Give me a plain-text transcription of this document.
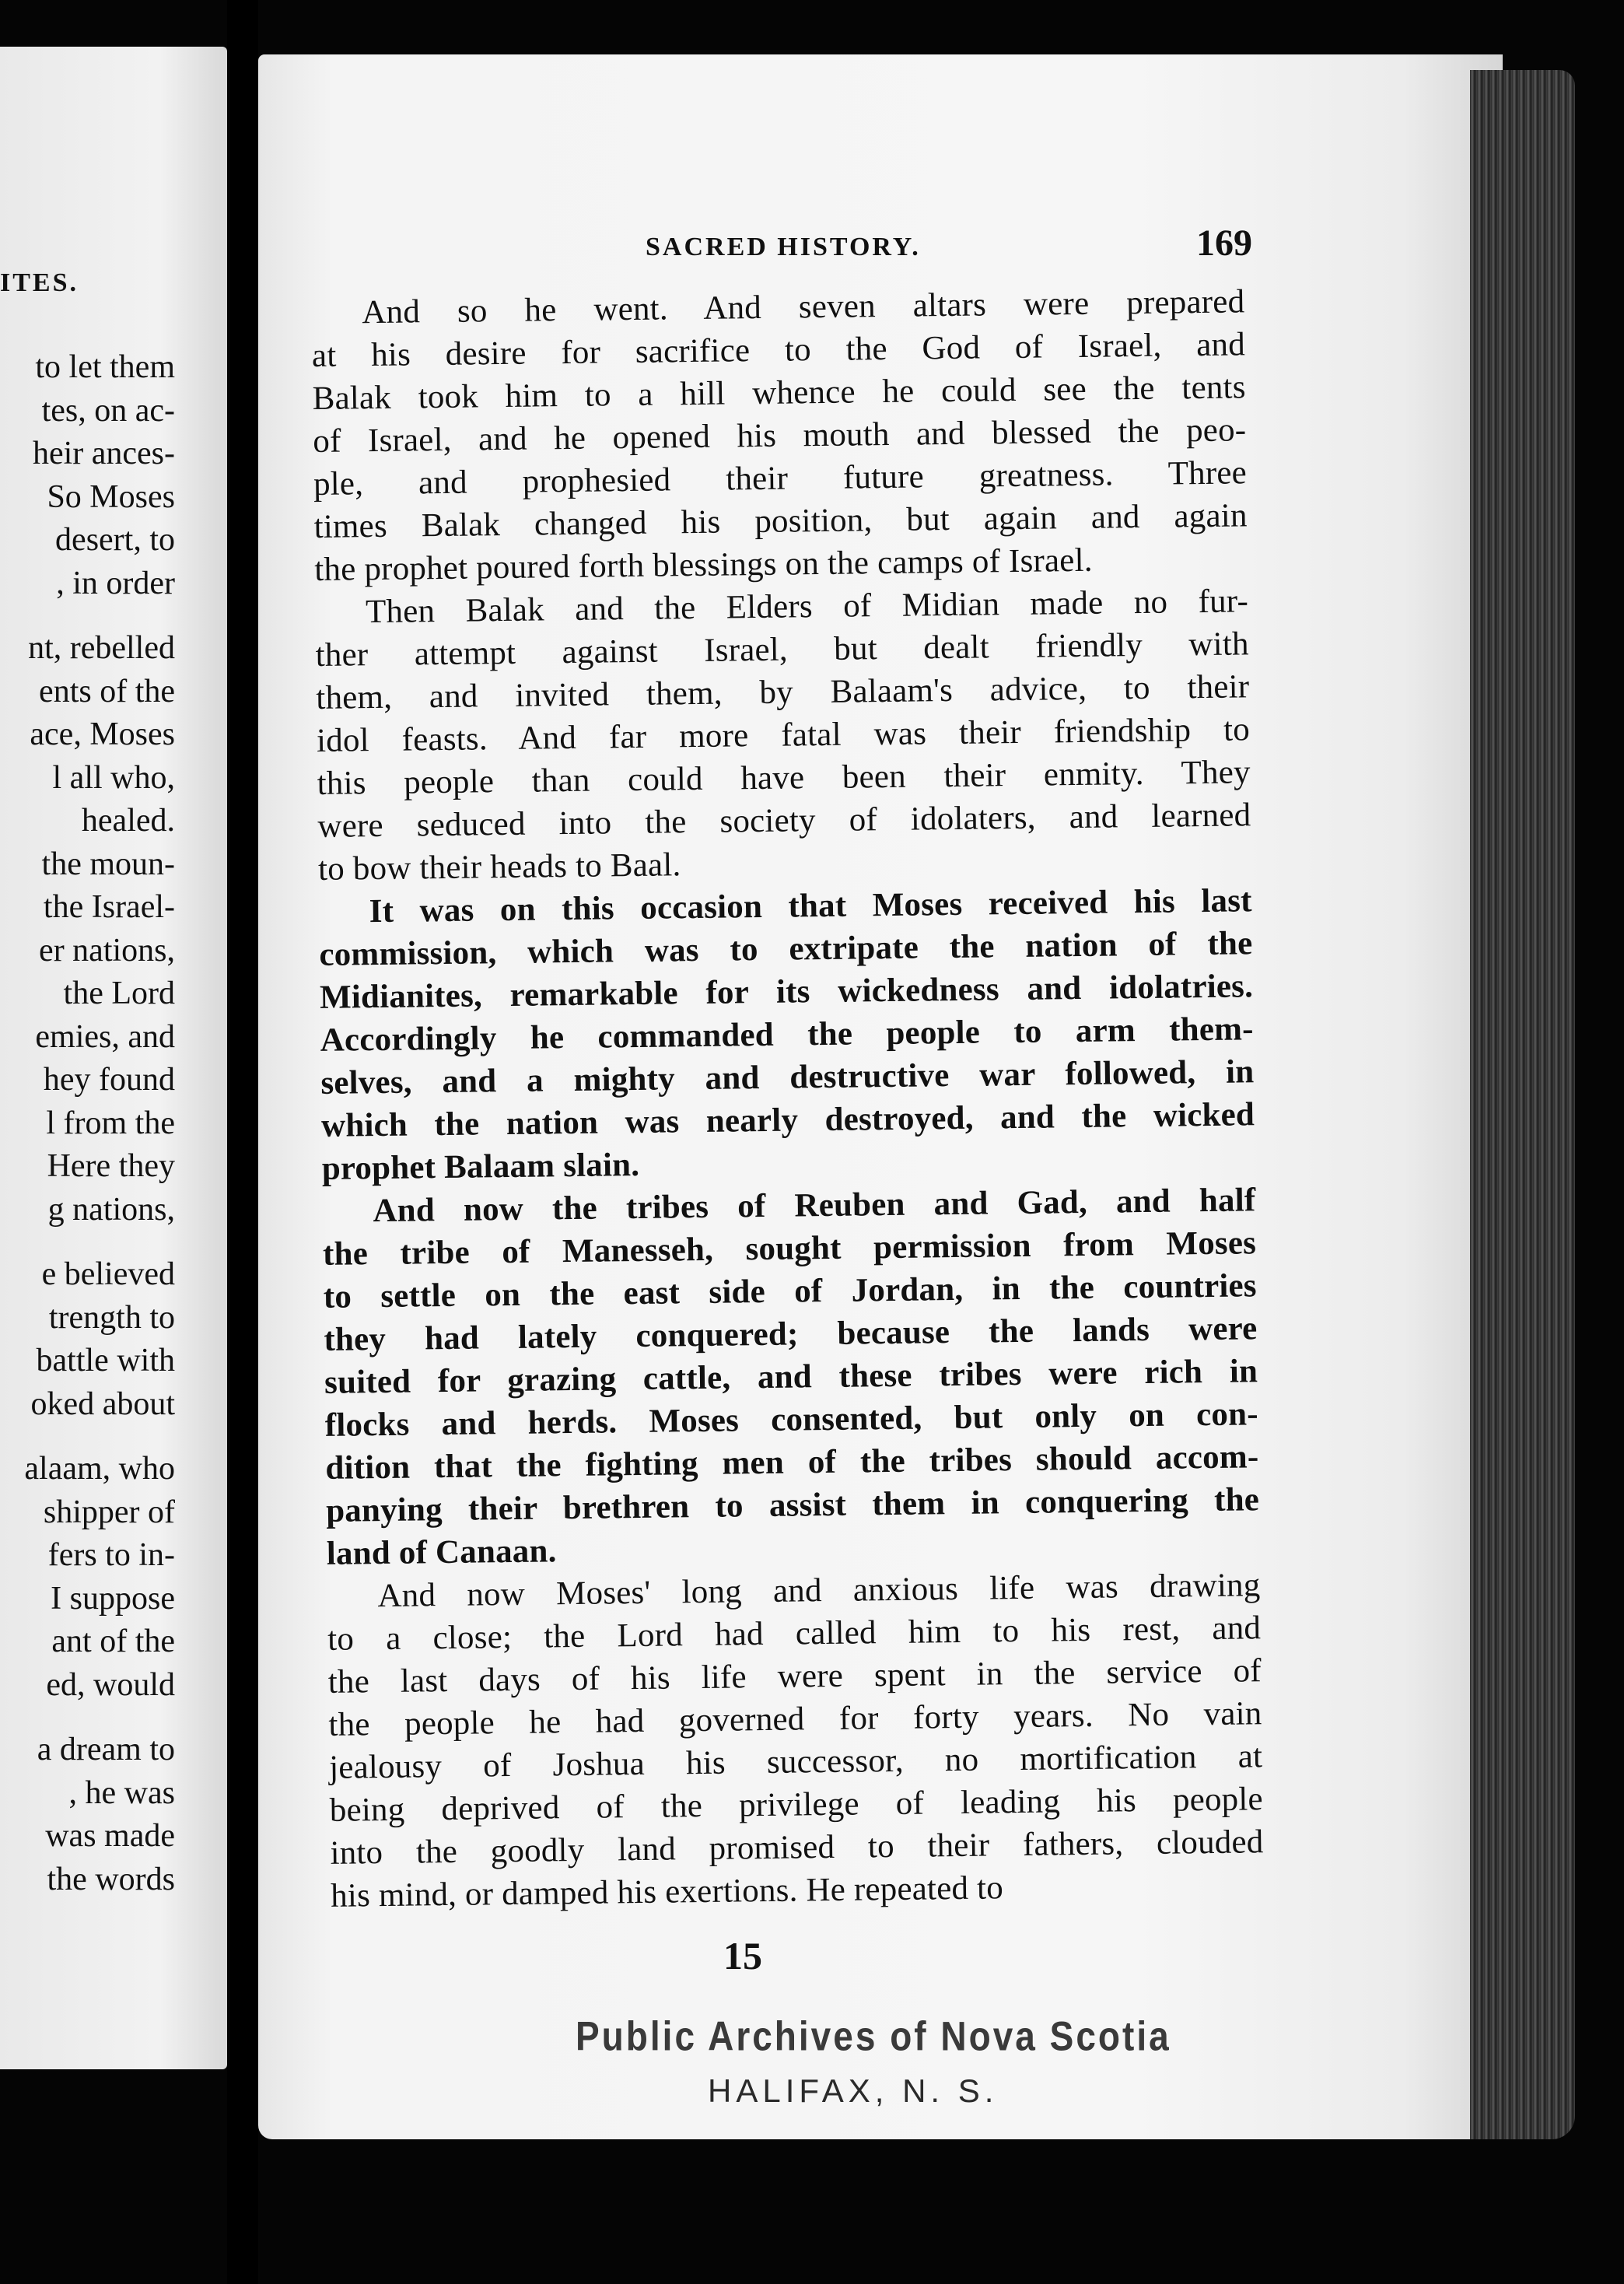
ITES.
to let them
tes, on ac-
heir ances-
So Moses
desert, to
, in order
nt, rebelled
ents of the
ace, Moses
l all who,
healed.
the moun-
the Israel-
er nations,
the Lord
emies, and
hey found
l from the
Here they
g nations,
e believed
trength to
battle with
oked about
alaam, who
shipper of
fers to in-
I suppose
ant of the
ed, would
a dream to
, he was
was made
the words
SACRED HISTORY.	169
And so he went. And seven altars were prepared
at his desire for sacrifice to the God of Israel, and
Balak took him to a hill whence he could see the tents
of Israel, and he opened his mouth and blessed the peo-
ple, and prophesied their future greatness. Three
times Balak changed his position, but again and again
the prophet poured forth blessings on the camps of Israel.
Then Balak and the Elders of Midian made no fur-
ther attempt against Israel, but dealt friendly with
them, and invited them, by Balaam's advice, to their
idol feasts. And far more fatal was their friendship to
this people than could have been their enmity. They
were seduced into the society of idolaters, and learned
to bow their heads to Baal.
It was on this occasion that Moses received his last
commission, which was to extripate the nation of the
Midianites, remarkable for its wickedness and idolatries.
Accordingly he commanded the people to arm them-
selves, and a mighty and destructive war followed, in
which the nation was nearly destroyed, and the wicked
prophet Balaam slain.
And now the tribes of Reuben and Gad, and half
the tribe of Manesseh, sought permission from Moses
to settle on the east side of Jordan, in the countries
they had lately conquered; because the lands were
suited for grazing cattle, and these tribes were rich in
flocks and herds. Moses consented, but only on con-
dition that the fighting men of the tribes should accom-
panying their brethren to assist them in conquering the
land of Canaan.
And now Moses' long and anxious life was drawing
to a close; the Lord had called him to his rest, and
the last days of his life were spent in the service of
the people he had governed for forty years. No vain
jealousy of Joshua his successor, no mortification at
being deprived of the privilege of leading his people
into the goodly land promised to their fathers, clouded
his mind, or damped his exertions. He repeated to
15
Public Archives of Nova Scotia
HALIFAX, N. S.
